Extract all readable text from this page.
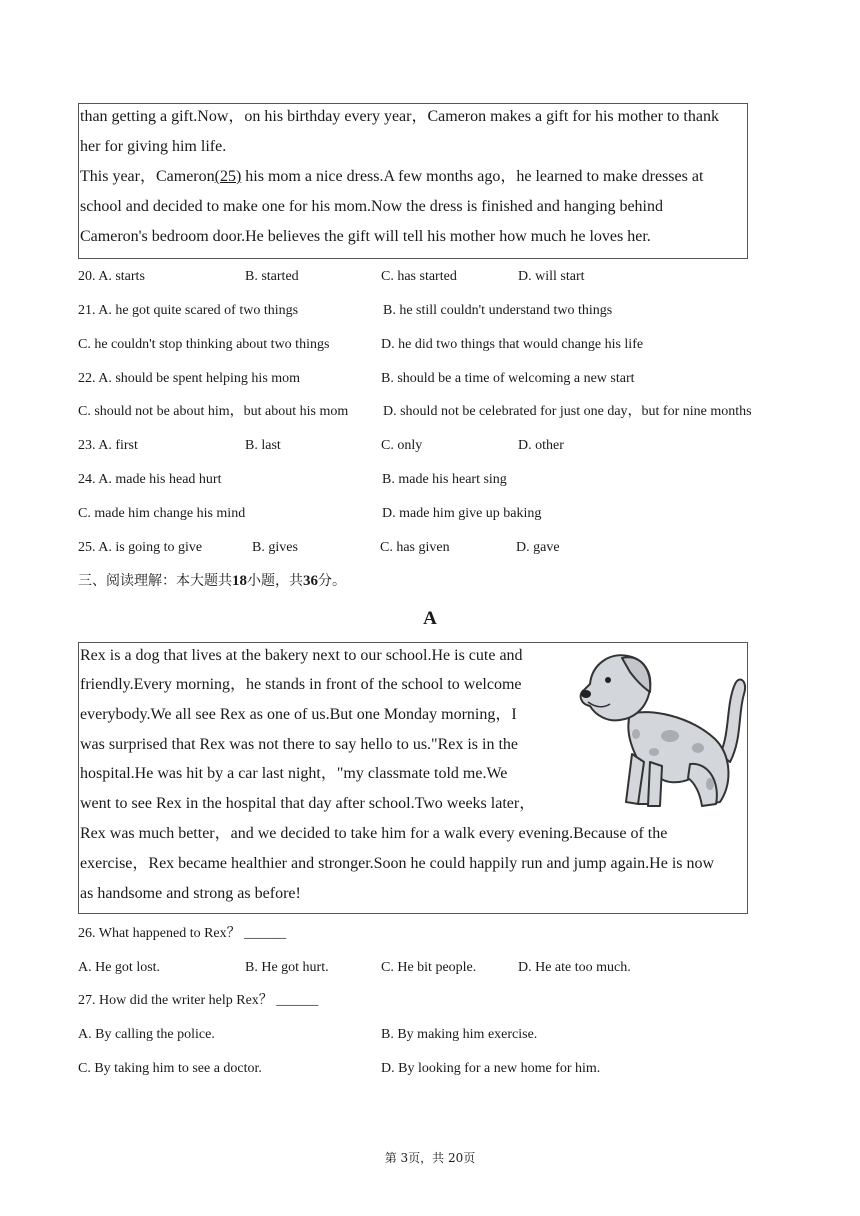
than getting a gift.Now，on his birthday every year，Cameron makes a gift for his mother to thank
her for giving him life.
This year，Cameron(25) his mom a nice dress.A few months ago，he learned to make dresses at
school and decided to make one for his mom.Now the dress is finished and hanging behind
Cameron's bedroom door.He believes the gift will tell his mother how much he loves her.
20. A. starts	B. started	C. has started	D. will start
21. A. he got quite scared of two things	B. he still couldn't understand two things
C. he couldn't stop thinking about two things	D. he did two things that would change his life
22. A. should be spent helping his mom	B. should be a time of welcoming a new start
C. should not be about him，but about his mom D. should not be celebrated for just one day，but for nine months
23. A. first	B. last	C. only	D. other
24. A. made his head hurt	B. made his heart sing
C. made him change his mind	D. made him give up baking
25. A. is going to give	B. gives	C. has given	D. gave
三、阅读理解：本大题共18小题，共36分。
A
Rex is a dog that lives at the bakery next to our school.He is cute and
friendly.Every morning，he stands in front of the school to welcome
everybody.We all see Rex as one of us.But one Monday morning，I
was surprised that Rex was not there to say hello to us."Rex is in the
hospital.He was hit by a car last night，"my classmate told me.We
went to see Rex in the hospital that day after school.Two weeks later，
Rex was much better，and we decided to take him for a walk every evening.Because of the
exercise，Rex became healthier and stronger.Soon he could happily run and jump again.He is now
as handsome and strong as before!
26. What happened to Rex？ ______
A. He got lost.	B. He got hurt.	C. He bit people.	D. He ate too much.
27. How did the writer help Rex？ ______
A. By calling the police.	B. By making him exercise.
C. By taking him to see a doctor.	D. By looking for a new home for him.
第 3页，共 20页
